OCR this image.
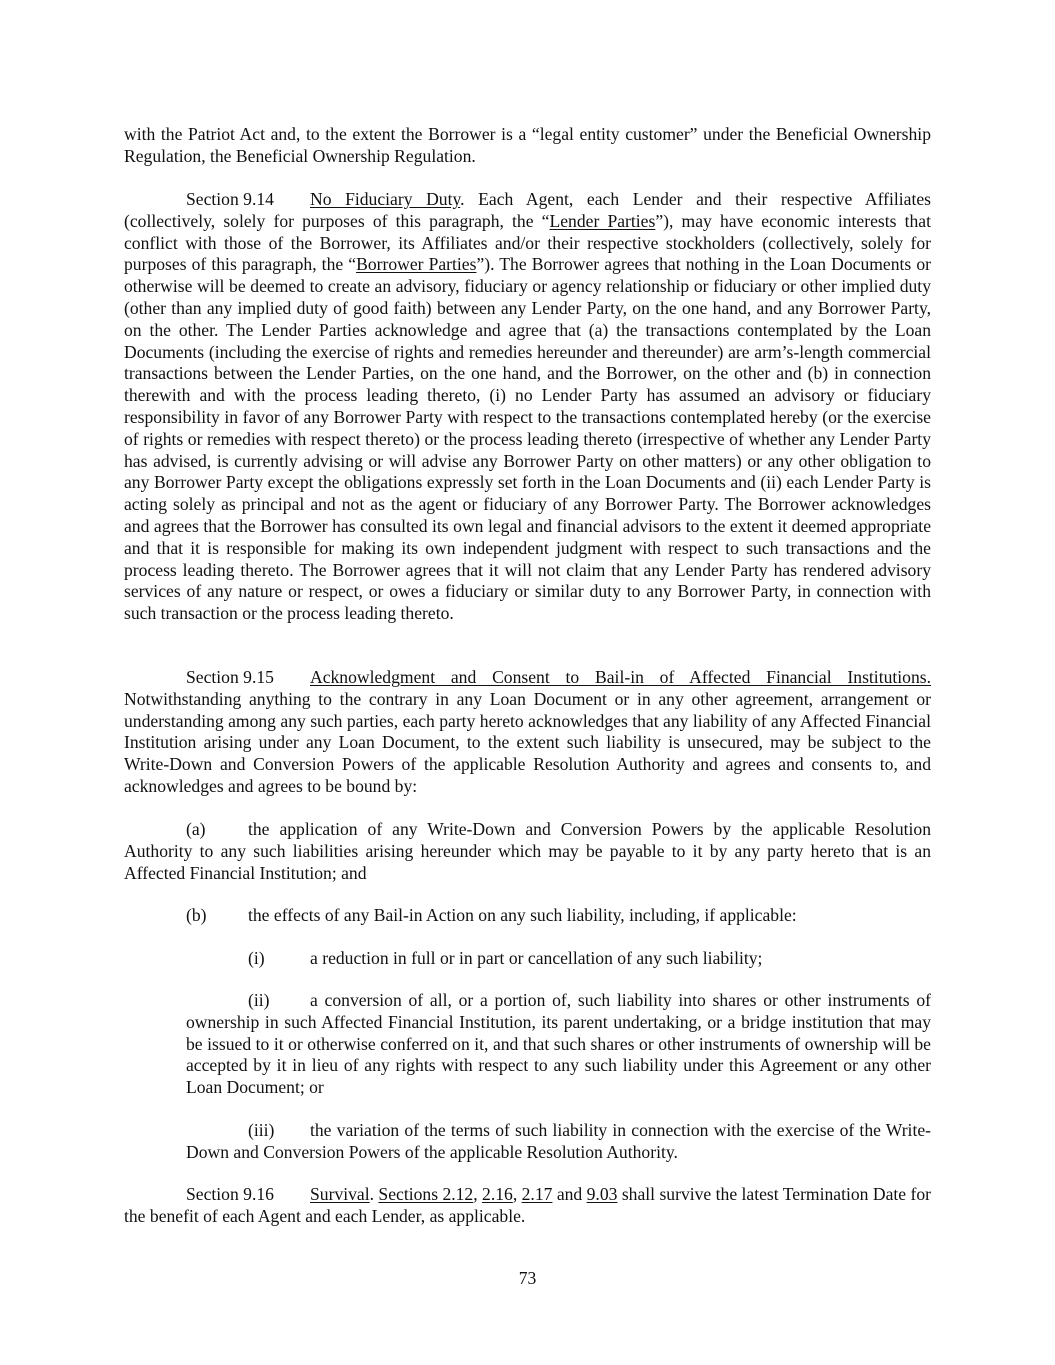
with the Patriot Act and, to the extent the Borrower is a “legal entity customer” under the Beneficial Ownership Regulation, the Beneficial Ownership Regulation.

Section 9.14 No Fiduciary Duty. Each Agent, each Lender and their respective Affiliates (collectively, solely for purposes of this paragraph, the “Lender Parties”), may have economic interests that conflict with those of the Borrower, its Affiliates and/or their respective stockholders (collectively, solely for purposes of this paragraph, the “Borrower Parties”). The Borrower agrees that nothing in the Loan Documents or otherwise will be deemed to create an advisory, fiduciary or agency relationship or fiduciary or other implied duty (other than any implied duty of good faith) between any Lender Party, on the one hand, and any Borrower Party, on the other. The Lender Parties acknowledge and agree that (a) the transactions contemplated by the Loan Documents (including the exercise of rights and remedies hereunder and thereunder) are arm’s-length commercial transactions between the Lender Parties, on the one hand, and the Borrower, on the other and (b) in connection therewith and with the process leading thereto, (i) no Lender Party has assumed an advisory or fiduciary responsibility in favor of any Borrower Party with respect to the transactions contemplated hereby (or the exercise of rights or remedies with respect thereto) or the process leading thereto (irrespective of whether any Lender Party has advised, is currently advising or will advise any Borrower Party on other matters) or any other obligation to any Borrower Party except the obligations expressly set forth in the Loan Documents and (ii) each Lender Party is acting solely as principal and not as the agent or fiduciary of any Borrower Party. The Borrower acknowledges and agrees that the Borrower has consulted its own legal and financial advisors to the extent it deemed appropriate and that it is responsible for making its own independent judgment with respect to such transactions and the process leading thereto. The Borrower agrees that it will not claim that any Lender Party has rendered advisory services of any nature or respect, or owes a fiduciary or similar duty to any Borrower Party, in connection with such transaction or the process leading thereto.

Section 9.15 Acknowledgment and Consent to Bail-in of Affected Financial Institutions. Notwithstanding anything to the contrary in any Loan Document or in any other agreement, arrangement or understanding among any such parties, each party hereto acknowledges that any liability of any Affected Financial Institution arising under any Loan Document, to the extent such liability is unsecured, may be subject to the Write-Down and Conversion Powers of the applicable Resolution Authority and agrees and consents to, and acknowledges and agrees to be bound by:

(a) the application of any Write-Down and Conversion Powers by the applicable Resolution Authority to any such liabilities arising hereunder which may be payable to it by any party hereto that is an Affected Financial Institution; and

(b) the effects of any Bail-in Action on any such liability, including, if applicable:
(i)	a reduction in full or in part or cancellation of any such liability;

(ii) a conversion of all, or a portion of, such liability into shares or other instruments of ownership in such Affected Financial Institution, its parent undertaking, or a bridge institution that may be issued to it or otherwise conferred on it, and that such shares or other instruments of ownership will be accepted by it in lieu of any rights with respect to any such liability under this Agreement or any other Loan Document; or

(iii) the variation of the terms of such liability in connection with the exercise of the Write-Down and Conversion Powers of the applicable Resolution Authority.

Section 9.16 Survival. Sections 2.12, 2.16, 2.17 and 9.03 shall survive the latest Termination Date for the benefit of each Agent and each Lender, as applicable.

73
